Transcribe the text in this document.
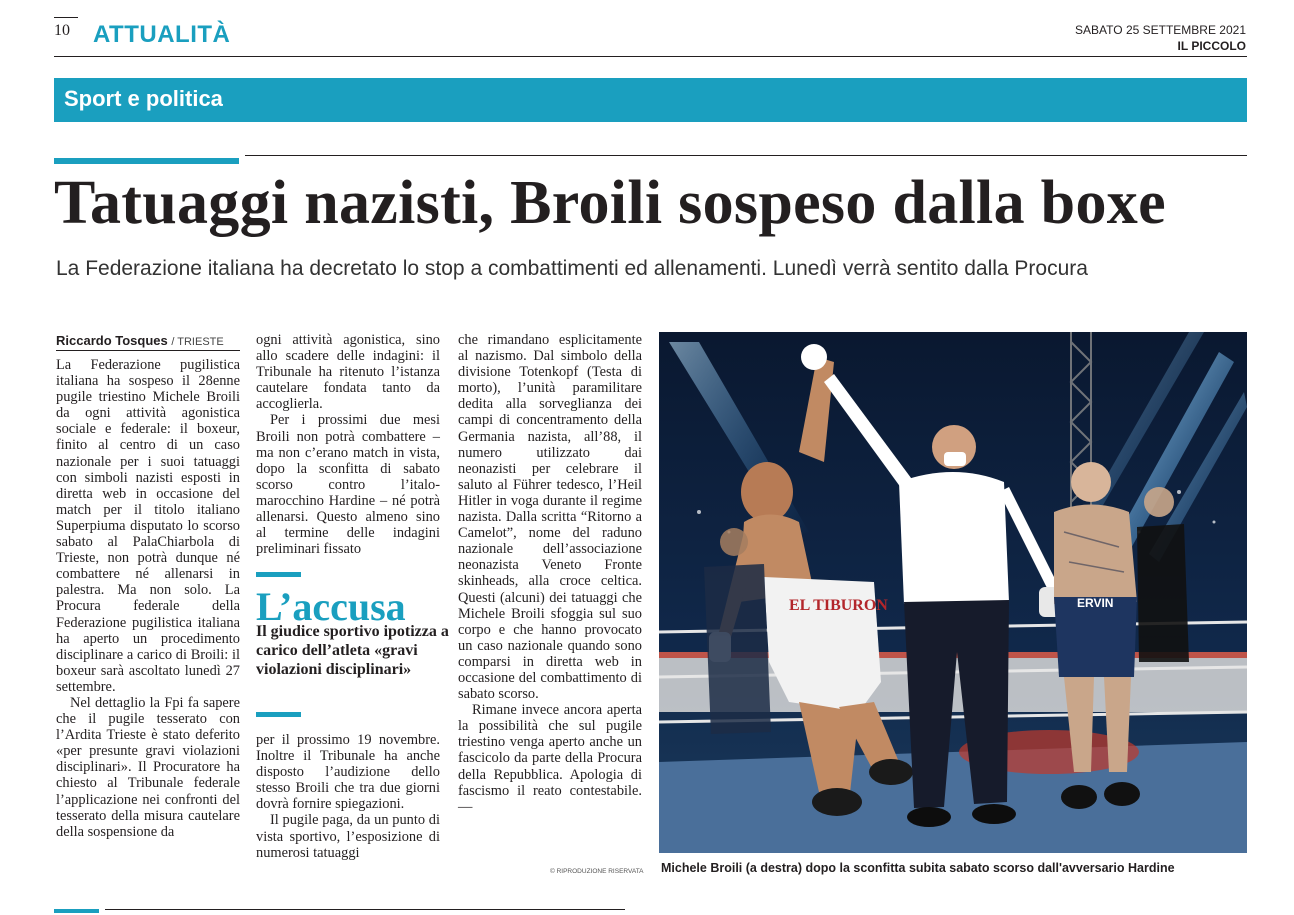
10 ATTUALITÀ	SABATO 25 SETTEMBRE 2021
IL PICCOLO
Sport e politica
Tatuaggi nazisti, Broili sospeso dalla boxe
La Federazione italiana ha decretato lo stop a combattimenti ed allenamenti. Lunedì verrà sentito dalla Procura
Riccardo Tosques / TRIESTE

La Federazione pugilistica italiana ha sospeso il 28enne pugile triestino Michele Broili da ogni attività agonistica sociale e federale: il boxeur, finito al centro di un caso nazionale per i suoi tatuaggi con simboli nazisti esposti in diretta web in occasione del match per il titolo italiano Superpiuma disputato lo scorso sabato al PalaChiarbola di Trieste, non potrà dunque né combattere né allenarsi in palestra. Ma non solo. La Procura federale della Federazione pugilistica italiana ha aperto un procedimento disciplinare a carico di Broili: il boxeur sarà ascoltato lunedì 27 settembre.

Nel dettaglio la Fpi fa sapere che il pugile tesserato con l’Ardita Trieste è stato deferito «per presunte gravi violazioni disciplinari». Il Procuratore ha chiesto al Tribunale federale l’applicazione nei confronti del tesserato della misura cautelare della sospensione da

ogni attività agonistica, sino allo scadere delle indagini: il Tribunale ha ritenuto l’istanza cautelare fondata tanto da accoglierla.

Per i prossimi due mesi Broili non potrà combattere – ma non c’erano match in vista, dopo la sconfitta di sabato scorso contro l’italo-marocchino Hardine – né potrà allenarsi. Questo almeno sino al termine delle indagini preliminari fissato

L’accusa
Il giudice sportivo ipotizza a carico dell’atleta «gravi violazioni disciplinari»

per il prossimo 19 novembre. Inoltre il Tribunale ha anche disposto l’audizione dello stesso Broili che tra due giorni dovrà fornire spiegazioni.

Il pugile paga, da un punto di vista sportivo, l’esposizione di numerosi tatuaggi

che rimandano esplicitamente al nazismo. Dal simbolo della divisione Totenkopf (Testa di morto), l’unità paramilitare dedita alla sorveglianza dei campi di concentramento della Germania nazista, all’88, il numero utilizzato dai neonazisti per celebrare il saluto al Führer tedesco, l’Heil Hitler in voga durante il regime nazista. Dalla scritta “Ritorno a Camelot”, nome del raduno nazionale dell’associazione neonazista Veneto Fronte skinheads, alla croce celtica. Questi (alcuni) dei tatuaggi che Michele Broili sfoggia sul suo corpo e che hanno provocato un caso nazionale quando sono comparsi in diretta web in occasione del combattimento di sabato scorso.

Rimane invece ancora aperta la possibilità che sul pugile triestino venga aperto anche un fascicolo da parte della Procura della Repubblica. Apologia di fascismo il reato contestabile. —

© RIPRODUZIONE RISERVATA
EL TIBURON	ERVIN
Michele Broili (a destra) dopo la sconfitta subita sabato scorso dall'avversario Hardine
